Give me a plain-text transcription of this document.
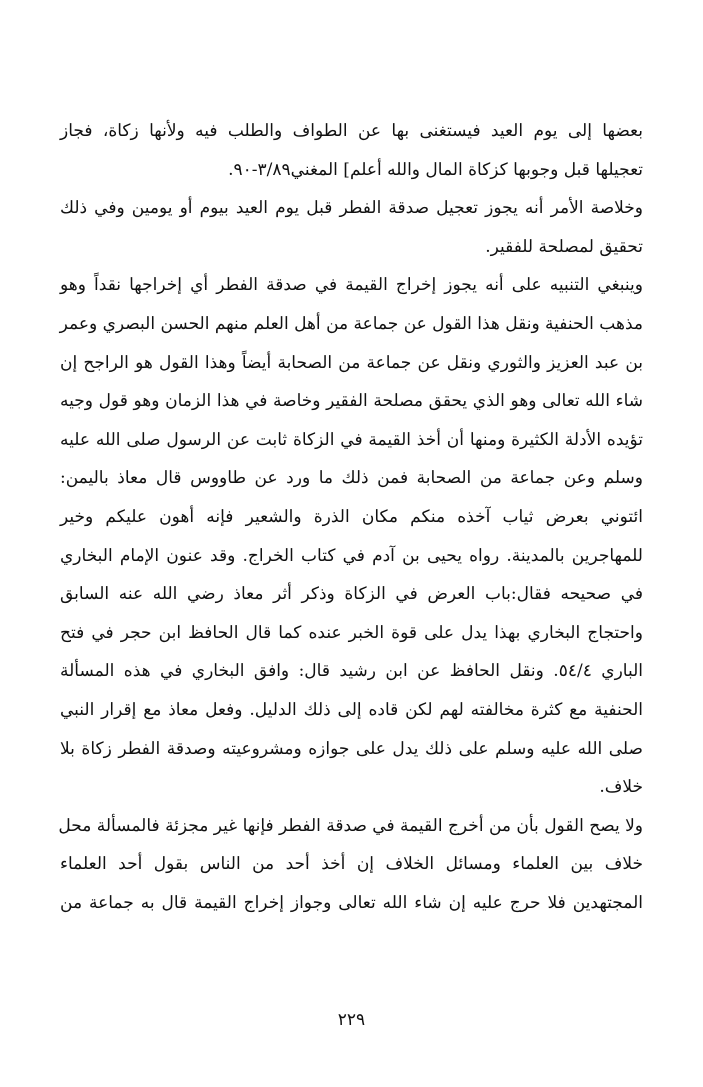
بعضها إلى يوم العيد فيستغنى بها عن الطواف والطلب فيه ولأنها زكاة، فجاز
تعجيلها قبل وجوبها كزكاة المال والله أعلم] المغني٣/٨٩-٩٠.
وخلاصة الأمر أنه يجوز تعجيل صدقة الفطر قبل يوم العيد بيوم أو يومين وفي ذلك
تحقيق لمصلحة للفقير.
وينبغي التنبيه على أنه يجوز إخراج القيمة في صدقة الفطر أي إخراجها نقداً وهو
مذهب الحنفية ونقل هذا القول عن جماعة من أهل العلم منهم الحسن البصري وعمر
بن عبد العزيز والثوري ونقل عن جماعة من الصحابة أيضاً وهذا القول هو الراجح إن
شاء الله تعالى وهو الذي يحقق مصلحة الفقير وخاصة في هذا الزمان وهو قول وجيه
تؤيده الأدلة الكثيرة ومنها أن أخذ القيمة في الزكاة ثابت عن الرسول صلى الله عليه
وسلم وعن جماعة من الصحابة فمن ذلك ما ورد عن طاووس قال معاذ باليمن:
ائتوني بعرض ثياب آخذه منكم مكان الذرة والشعير فإنه أهون عليكم وخير
للمهاجرين بالمدينة. رواه يحيى بن آدم في كتاب الخراج. وقد عنون الإمام البخاري
في صحيحه فقال:باب العرض في الزكاة وذكر أثر معاذ رضي الله عنه السابق
واحتجاج البخاري بهذا يدل على قوة الخبر عنده كما قال الحافظ ابن حجر في فتح
الباري ٥٤/٤. ونقل الحافظ عن ابن رشيد قال: وافق البخاري في هذه المسألة
الحنفية مع كثرة مخالفته لهم لكن قاده إلى ذلك الدليل. وفعل معاذ مع إقرار النبي
صلى الله عليه وسلم على ذلك يدل على جوازه ومشروعيته وصدقة الفطر زكاة بلا
خلاف.
ولا يصح القول بأن من أخرج القيمة في صدقة الفطر فإنها غير مجزئة فالمسألة محل
خلاف بين العلماء ومسائل الخلاف إن أخذ أحد من الناس بقول أحد العلماء
المجتهدين فلا حرج عليه إن شاء الله تعالى وجواز إخراج القيمة قال به جماعة من
٢٢٩
